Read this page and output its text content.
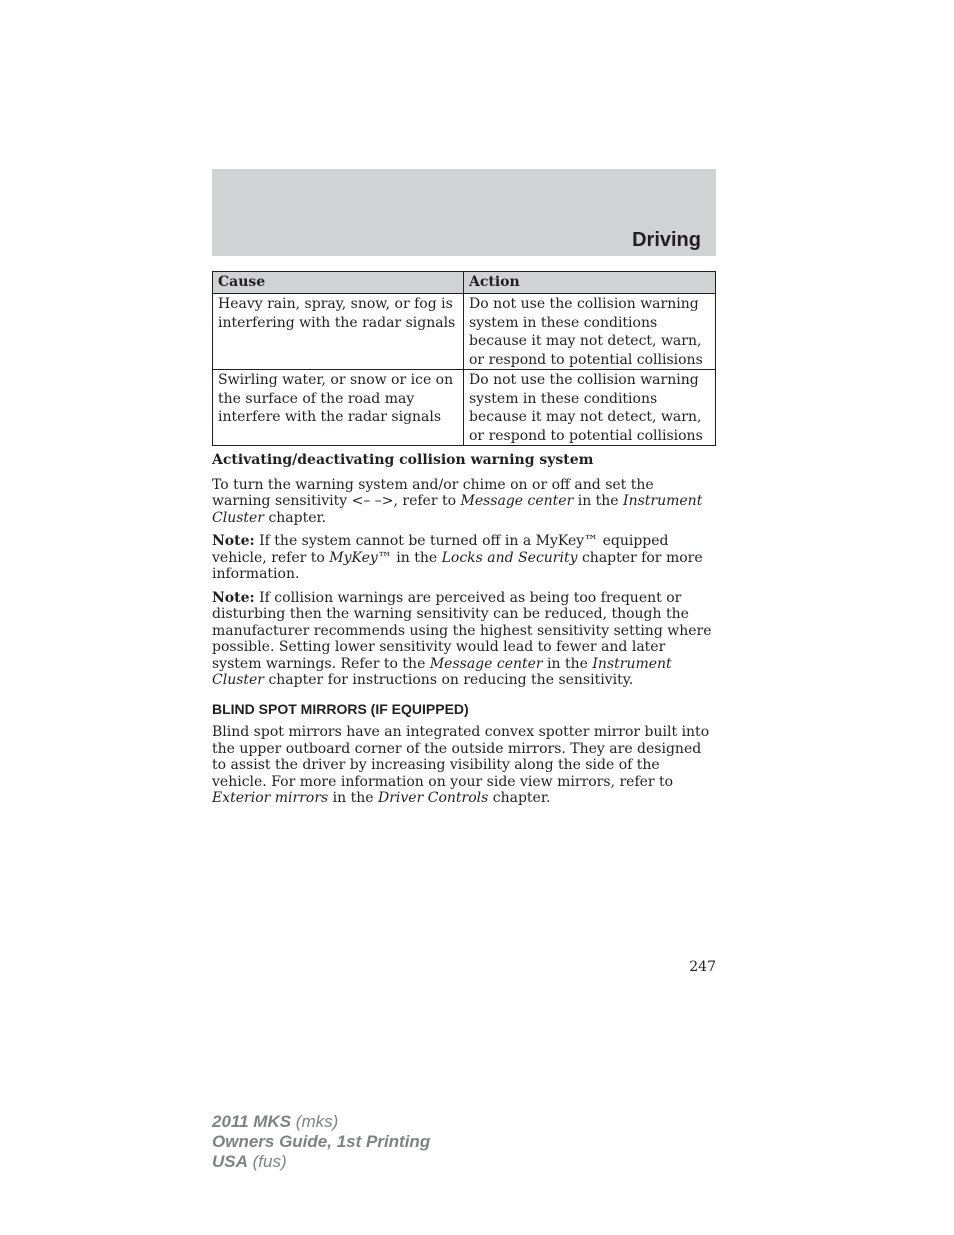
Driving
Cause	Action
Heavy rain, spray, snow, or fog is interfering with the radar signals	Do not use the collision warning system in these conditions because it may not detect, warn, or respond to potential collisions
Swirling water, or snow or ice on the surface of the road may interfere with the radar signals	Do not use the collision warning system in these conditions because it may not detect, warn, or respond to potential collisions

Activating/deactivating collision warning system

To turn the warning system and/or chime on or off and set the warning sensitivity <– –>, refer to Message center in the Instrument Cluster chapter.

Note: If the system cannot be turned off in a MyKey™ equipped vehicle, refer to MyKey™ in the Locks and Security chapter for more information.

Note: If collision warnings are perceived as being too frequent or disturbing then the warning sensitivity can be reduced, though the manufacturer recommends using the highest sensitivity setting where possible. Setting lower sensitivity would lead to fewer and later system warnings. Refer to the Message center in the Instrument Cluster chapter for instructions on reducing the sensitivity.

BLIND SPOT MIRRORS (IF EQUIPPED)

Blind spot mirrors have an integrated convex spotter mirror built into the upper outboard corner of the outside mirrors. They are designed to assist the driver by increasing visibility along the side of the vehicle. For more information on your side view mirrors, refer to Exterior mirrors in the Driver Controls chapter.

247
2011 MKS (mks)
Owners Guide, 1st Printing
USA (fus)
